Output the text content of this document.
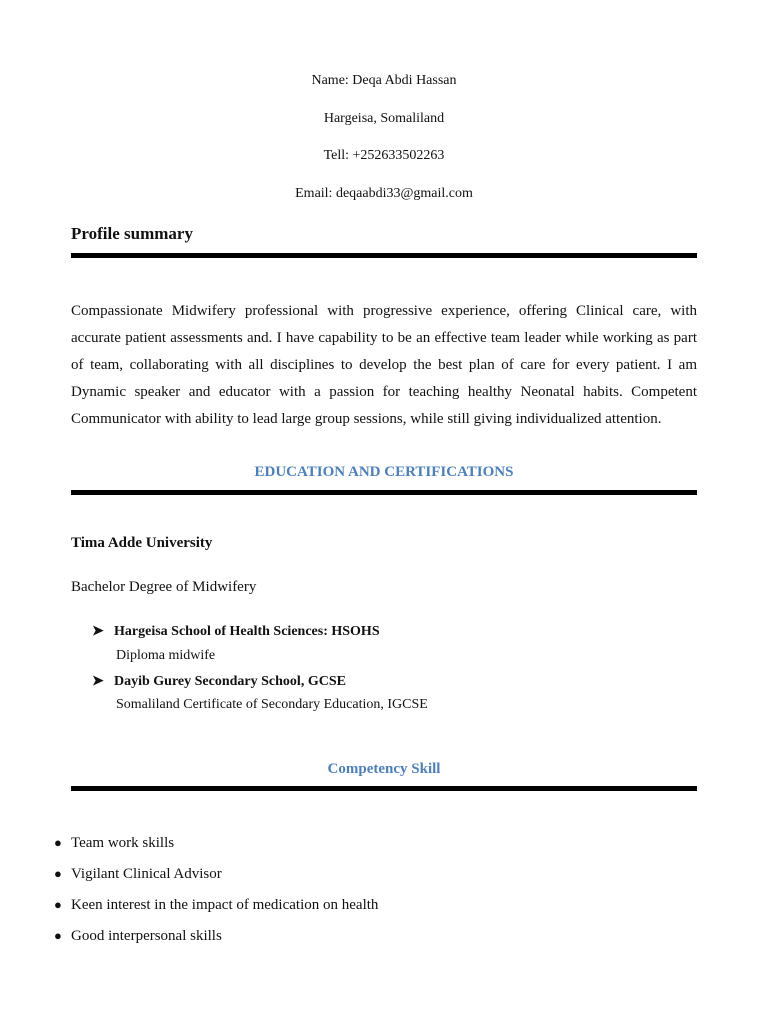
Name: Deqa Abdi Hassan
Hargeisa, Somaliland
Tell: +252633502263
Email: deqaabdi33@gmail.com
Profile summary

Compassionate Midwifery professional with progressive experience, offering Clinical care, with accurate patient assessments and. I have capability to be an effective team leader while working as part of team, collaborating with all disciplines to develop the best plan of care for every patient. I am Dynamic speaker and educator with a passion for teaching healthy Neonatal habits. Competent Communicator with ability to lead large group sessions, while still giving individualized attention.

EDUCATION AND CERTIFICATIONS
Tima Adde University
Bachelor Degree of Midwifery
➤ Hargeisa School of Health Sciences: HSOHS
Diploma midwife
➤ Dayib Gurey Secondary School, GCSE
Somaliland Certificate of Secondary Education, IGCSE
Competency Skill
● Team work skills
● Vigilant Clinical Advisor
● Keen interest in the impact of medication on health
● Good interpersonal skills
